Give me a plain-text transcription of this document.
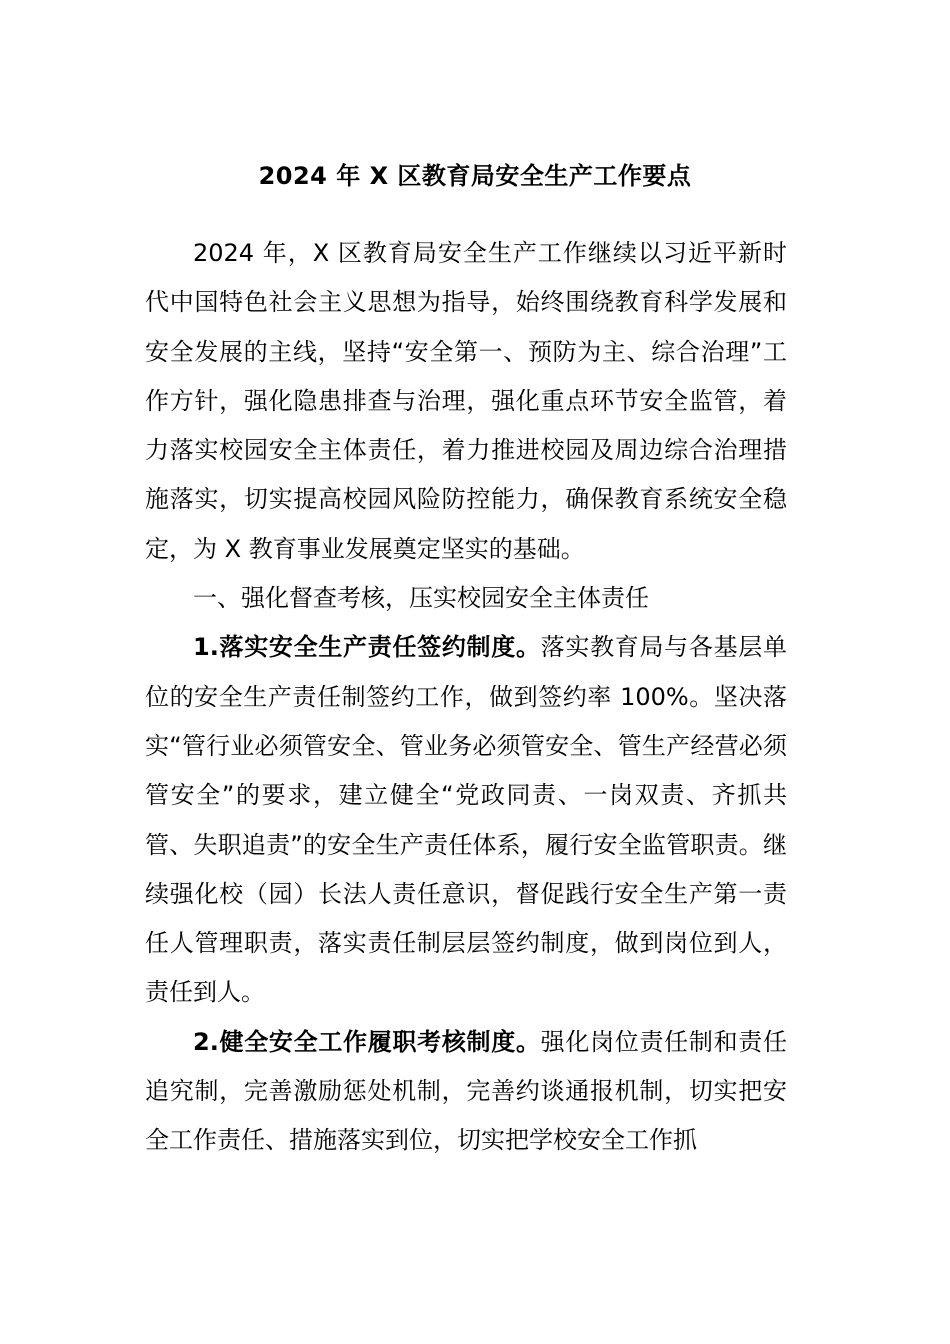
2024 年 X 区教育局安全生产工作要点

2024 年，X 区教育局安全生产工作继续以习近平新时代中国特色社会主义思想为指导，始终围绕教育科学发展和安全发展的主线，坚持“安全第一、预防为主、综合治理”工作方针，强化隐患排查与治理，强化重点环节安全监管，着力落实校园安全主体责任，着力推进校园及周边综合治理措施落实，切实提高校园风险防控能力，确保教育系统安全稳定，为 X 教育事业发展奠定坚实的基础。

一、强化督查考核，压实校园安全主体责任

1.落实安全生产责任签约制度。落实教育局与各基层单位的安全生产责任制签约工作，做到签约率 100%。坚决落实“管行业必须管安全、管业务必须管安全、管生产经营必须管安全”的要求，建立健全“党政同责、一岗双责、齐抓共管、失职追责”的安全生产责任体系，履行安全监管职责。继续强化校（园）长法人责任意识，督促践行安全生产第一责任人管理职责，落实责任制层层签约制度，做到岗位到人，责任到人。

2.健全安全工作履职考核制度。强化岗位责任制和责任追究制，完善激励惩处机制，完善约谈通报机制，切实把安全工作责任、措施落实到位，切实把学校安全工作抓
